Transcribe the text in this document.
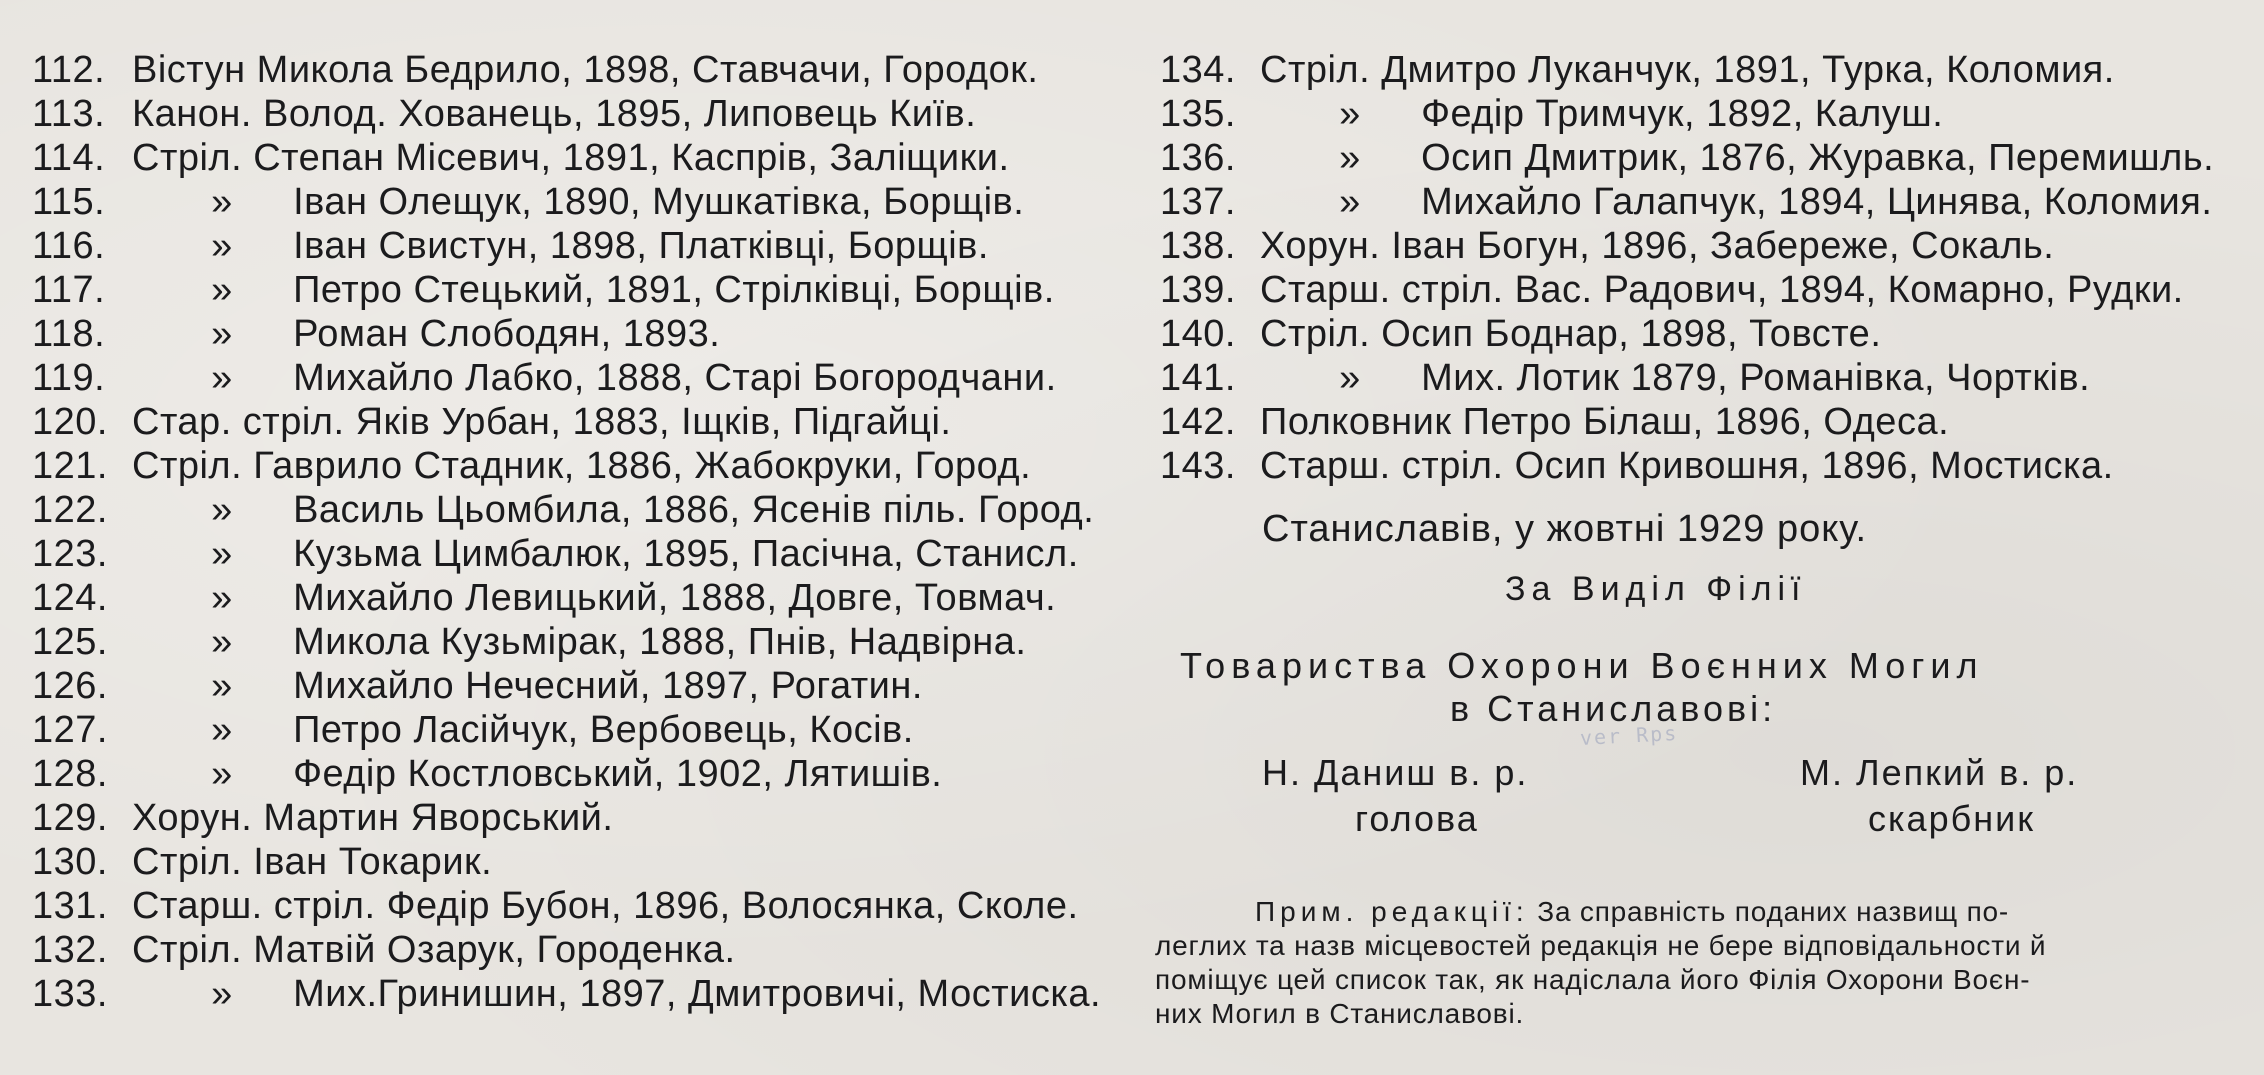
112. Вістун Микола Бедрило, 1898, Ставчачи, Городок.
113. Канон. Волод. Хованець, 1895, Липовець Київ.
114. Стріл. Степан Місевич, 1891, Каспрів, Заліщики.
115.	» Іван Олещук, 1890, Мушкатівка, Борщів.
116.	» Іван Свистун, 1898, Платківці, Борщів.
117.	» Петро Стецький, 1891, Стрілківці, Борщів.
118.	» Роман Слободян, 1893.
119.	» Михайло Лабко, 1888, Старі Богородчани.
120. Стар. стріл. Яків Урбан, 1883, Іщків, Підгайці.
121. Стріл. Гаврило Стадник, 1886, Жабокруки, Город.
122.	» Василь Цьомбила, 1886, Ясенів піль. Город.
123.	» Кузьма Цимбалюк, 1895, Пасічна, Станисл.
124.	» Михайло Левицький, 1888, Довге, Товмач.
125.	» Микола Кузьмірак, 1888, Пнів, Надвірна.
126.	» Михайло Нечесний, 1897, Рогатин.
127.	» Петро Ласійчук, Вербовець, Косів.
128.	» Федір Костловський, 1902, Лятишів.
129. Хорун. Мартин Яворський.
130. Стріл. Іван Токарик.
131. Старш. стріл. Федір Бубон, 1896, Волосянка, Сколе.
132. Стріл. Матвій Озарук, Городенка.
133.	» Мих.Гринишин, 1897, Дмитровичі, Мостиска.
134. Стріл. Дмитро Луканчук, 1891, Турка, Коломия.
135.	» Федір Тримчук, 1892, Калуш.
136.	» Осип Дмитрик, 1876, Журавка, Перемишль.
137.	» Михайло Галапчук, 1894, Цинява, Коломия.
138. Хорун. Іван Богун, 1896, Забереже, Сокаль.
139. Старш. стріл. Вас. Радович, 1894, Комарно, Рудки.
140. Стріл. Осип Боднар, 1898, Товсте.
141.	» Мих. Лотик 1879, Романівка, Чортків.
142. Полковник Петро Білаш, 1896, Одеса.
143. Старш. стріл. Осип Кривошня, 1896, Мостиска.
Станиславів, у жовтні 1929 року.
За Виділ Філії
Товариства Охорони Воєнних Могил
в Станиславові:
ver Rps
Н. Даниш в. р.
голова
М. Лепкий в. р.
скарбник
Прим. редакції: За справність поданих назвищ по-
леглих та назв місцевостей редакція не бере відповідальности й
поміщує цей список так, як надіслала його Філія Охорони Воєн-
них Могил в Станиславові.
